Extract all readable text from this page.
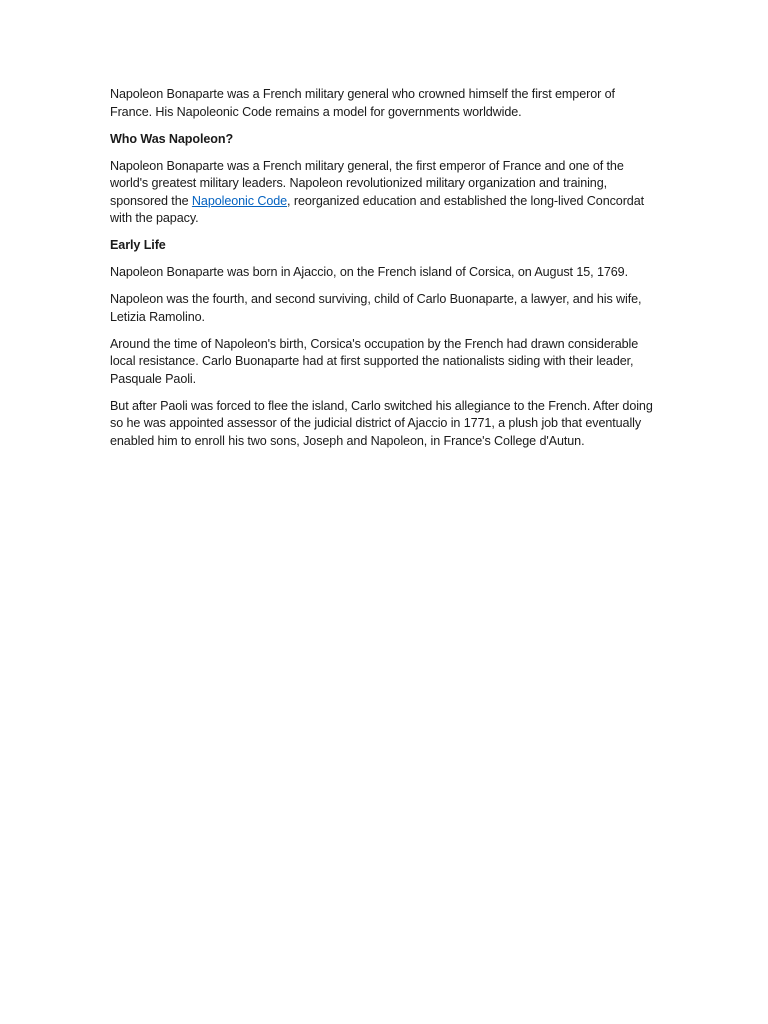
Napoleon Bonaparte was a French military general who crowned himself the first emperor of France. His Napoleonic Code remains a model for governments worldwide.

Who Was Napoleon?

Napoleon Bonaparte was a French military general, the first emperor of France and one of the world's greatest military leaders. Napoleon revolutionized military organization and training, sponsored the Napoleonic Code, reorganized education and established the long-lived Concordat with the papacy.

Early Life

Napoleon Bonaparte was born in Ajaccio, on the French island of Corsica, on August 15, 1769.

Napoleon was the fourth, and second surviving, child of Carlo Buonaparte, a lawyer, and his wife, Letizia Ramolino.

Around the time of Napoleon's birth, Corsica's occupation by the French had drawn considerable local resistance. Carlo Buonaparte had at first supported the nationalists siding with their leader, Pasquale Paoli.

But after Paoli was forced to flee the island, Carlo switched his allegiance to the French. After doing so he was appointed assessor of the judicial district of Ajaccio in 1771, a plush job that eventually enabled him to enroll his two sons, Joseph and Napoleon, in France's College d'Autun.
